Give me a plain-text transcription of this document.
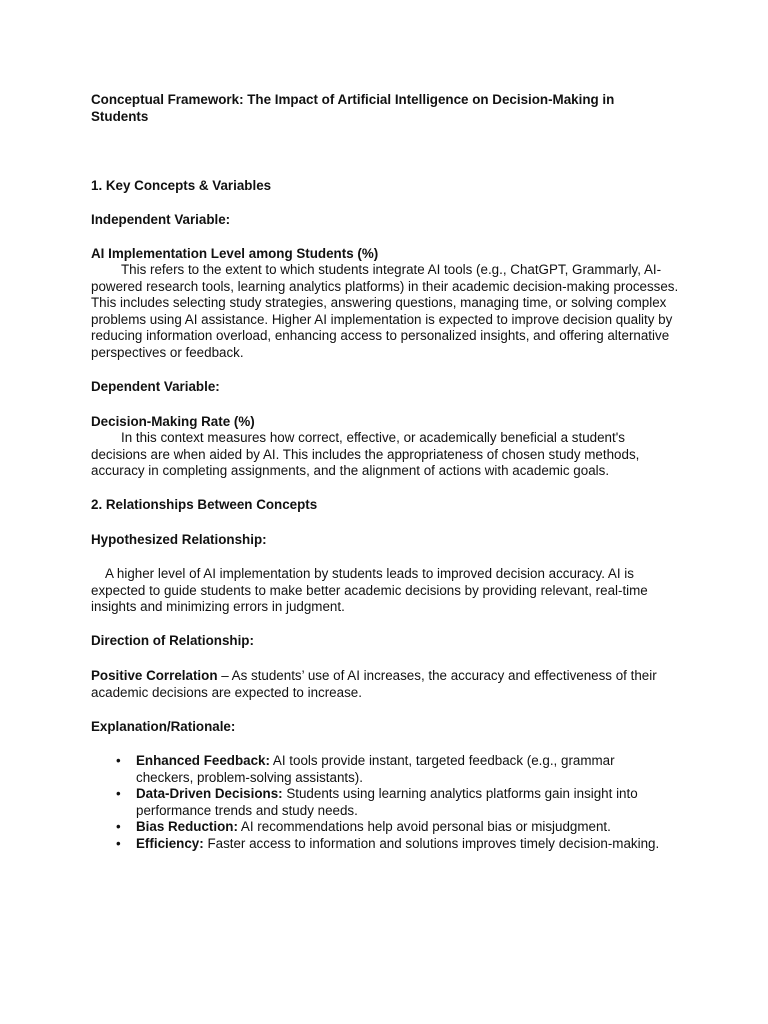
Conceptual Framework: The Impact of Artificial Intelligence on Decision-Making in Students

1. Key Concepts & Variables

Independent Variable:

AI Implementation Level among Students (%)

This refers to the extent to which students integrate AI tools (e.g., ChatGPT, Grammarly, AI-powered research tools, learning analytics platforms) in their academic decision-making processes. This includes selecting study strategies, answering questions, managing time, or solving complex problems using AI assistance. Higher AI implementation is expected to improve decision quality by reducing information overload, enhancing access to personalized insights, and offering alternative perspectives or feedback.

Dependent Variable:

Decision-Making Rate (%)

In this context measures how correct, effective, or academically beneficial a student's decisions are when aided by AI. This includes the appropriateness of chosen study methods, accuracy in completing assignments, and the alignment of actions with academic goals.

2. Relationships Between Concepts

Hypothesized Relationship:

A higher level of AI implementation by students leads to improved decision accuracy. AI is expected to guide students to make better academic decisions by providing relevant, real-time insights and minimizing errors in judgment.

Direction of Relationship:

Positive Correlation – As students’ use of AI increases, the accuracy and effectiveness of their academic decisions are expected to increase.

Explanation/Rationale:

• Enhanced Feedback: AI tools provide instant, targeted feedback (e.g., grammar checkers, problem-solving assistants).
• Data-Driven Decisions: Students using learning analytics platforms gain insight into performance trends and study needs.
• Bias Reduction: AI recommendations help avoid personal bias or misjudgment.
• Efficiency: Faster access to information and solutions improves timely decision-making.
